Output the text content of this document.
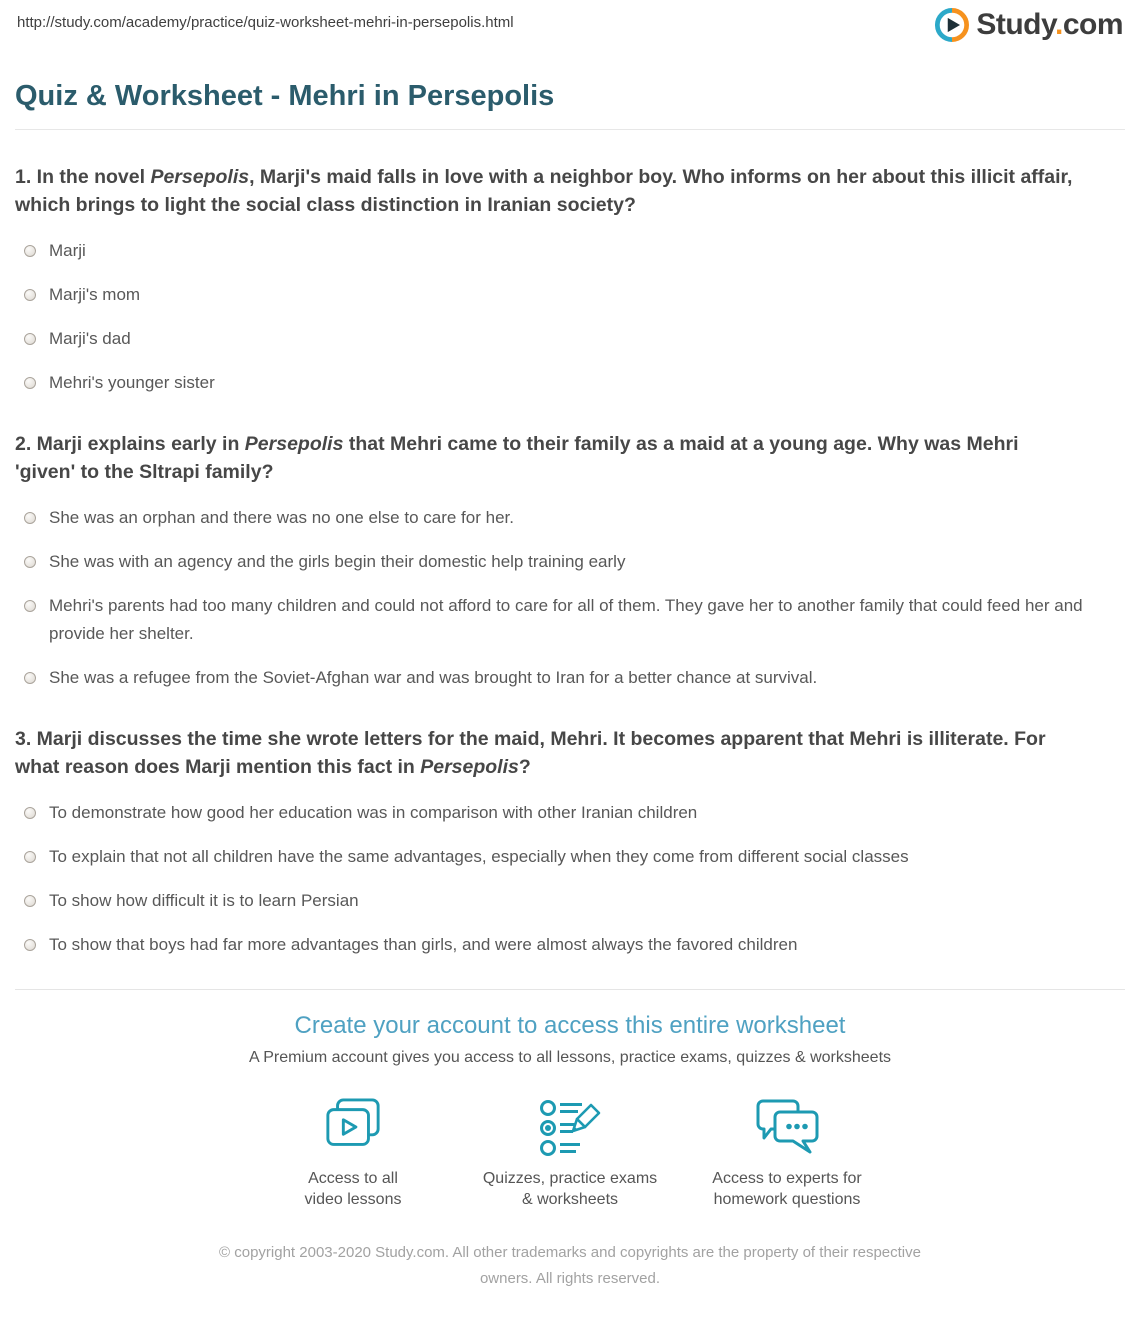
http://study.com/academy/practice/quiz-worksheet-mehri-in-persepolis.html	Study.com
Quiz & Worksheet - Mehri in Persepolis
1. In the novel Persepolis, Marji's maid falls in love with a neighbor boy. Who informs on her about this illicit affair, which brings to light the social class distinction in Iranian society?
Marji
Marji's mom
Marji's dad
Mehri's younger sister
2. Marji explains early in Persepolis that Mehri came to their family as a maid at a young age. Why was Mehri 'given' to the Sltrapi family?
She was an orphan and there was no one else to care for her.
She was with an agency and the girls begin their domestic help training early
Mehri's parents had too many children and could not afford to care for all of them. They gave her to another family that could feed her and provide her shelter.
She was a refugee from the Soviet-Afghan war and was brought to Iran for a better chance at survival.
3. Marji discusses the time she wrote letters for the maid, Mehri. It becomes apparent that Mehri is illiterate. For what reason does Marji mention this fact in Persepolis?
To demonstrate how good her education was in comparison with other Iranian children
To explain that not all children have the same advantages, especially when they come from different social classes
To show how difficult it is to learn Persian
To show that boys had far more advantages than girls, and were almost always the favored children
Create your account to access this entire worksheet
A Premium account gives you access to all lessons, practice exams, quizzes & worksheets
Access to all
video lessons
Quizzes, practice exams
& worksheets
Access to experts for
homework questions
© copyright 2003-2020 Study.com. All other trademarks and copyrights are the property of their respective owners. All rights reserved.
